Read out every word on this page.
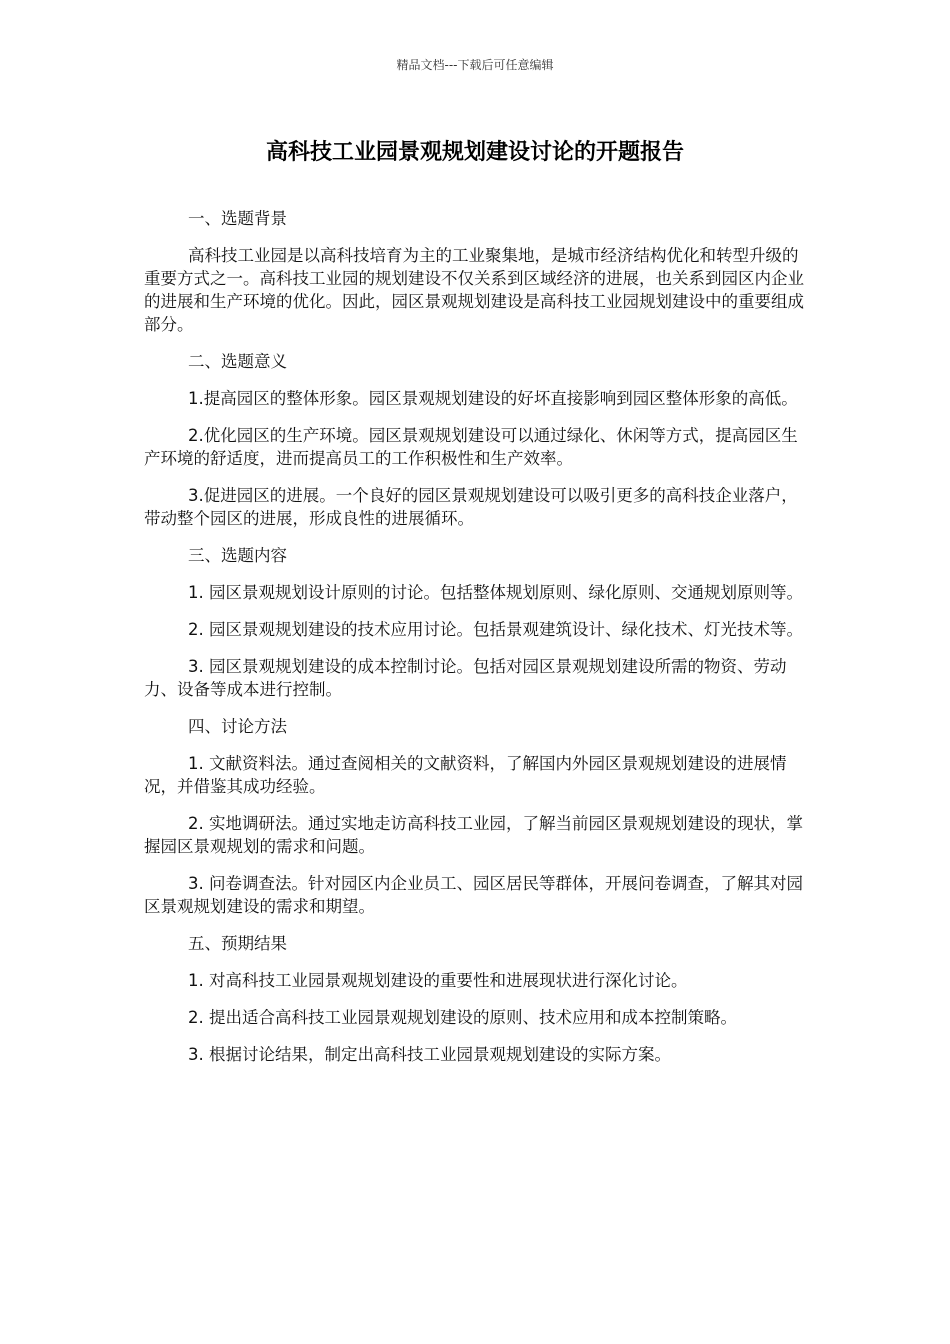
精品文档---下载后可任意编辑
高科技工业园景观规划建设讨论的开题报告
一、选题背景
高科技工业园是以高科技培育为主的工业聚集地，是城市经济结构优化和转型升级的重要方式之一。高科技工业园的规划建设不仅关系到区域经济的进展，也关系到园区内企业的进展和生产环境的优化。因此，园区景观规划建设是高科技工业园规划建设中的重要组成部分。
二、选题意义
1.提高园区的整体形象。园区景观规划建设的好坏直接影响到园区整体形象的高低。
2.优化园区的生产环境。园区景观规划建设可以通过绿化、休闲等方式，提高园区生产环境的舒适度，进而提高员工的工作积极性和生产效率。
3.促进园区的进展。一个良好的园区景观规划建设可以吸引更多的高科技企业落户，带动整个园区的进展，形成良性的进展循环。
三、选题内容
1. 园区景观规划设计原则的讨论。包括整体规划原则、绿化原则、交通规划原则等。
2. 园区景观规划建设的技术应用讨论。包括景观建筑设计、绿化技术、灯光技术等。
3. 园区景观规划建设的成本控制讨论。包括对园区景观规划建设所需的物资、劳动力、设备等成本进行控制。
四、讨论方法
1. 文献资料法。通过查阅相关的文献资料，了解国内外园区景观规划建设的进展情况，并借鉴其成功经验。
2. 实地调研法。通过实地走访高科技工业园，了解当前园区景观规划建设的现状，掌握园区景观规划的需求和问题。
3. 问卷调查法。针对园区内企业员工、园区居民等群体，开展问卷调查，了解其对园区景观规划建设的需求和期望。
五、预期结果
1. 对高科技工业园景观规划建设的重要性和进展现状进行深化讨论。
2. 提出适合高科技工业园景观规划建设的原则、技术应用和成本控制策略。
3. 根据讨论结果，制定出高科技工业园景观规划建设的实际方案。
